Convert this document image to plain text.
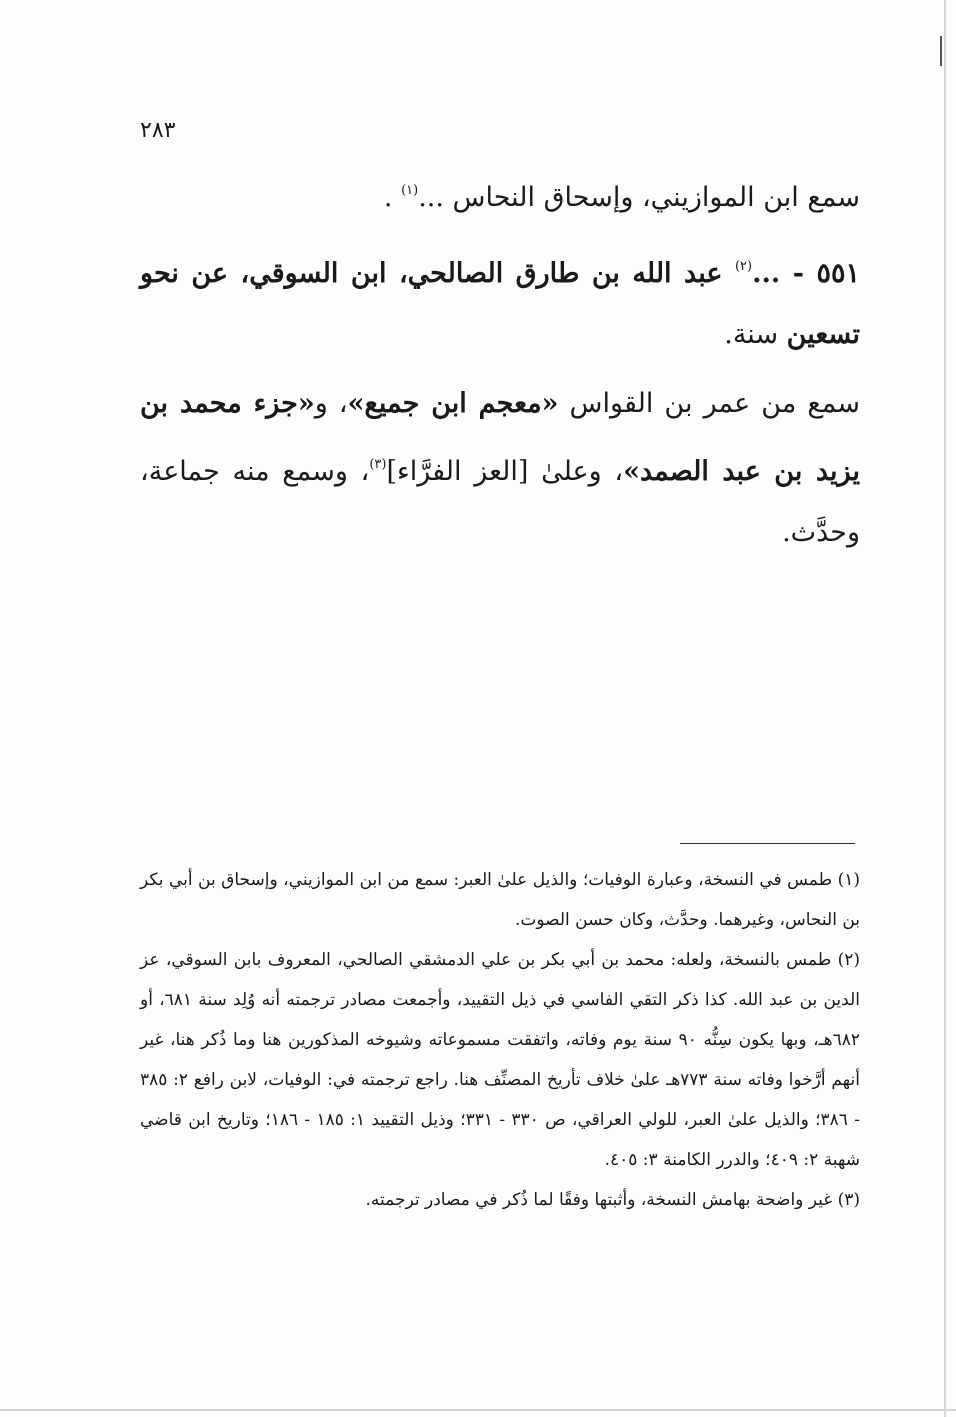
٢٨٣

سمع ابن الموازيني، وإسحاق النحاس ...$^{(١)}$ .

٥٥١ - ...$^{(٢)}$ عبد الله بن طارق الصالحي، ابن السوقي، عن نحو تسعين سنة.

سمع من عمر بن القواس «معجم ابن جميع»، و«جزء محمد بن يزيد بن عبد الصمد»، وعلىٰ [العز الفرَّاء]$^{(٣)}$، وسمع منه جماعة، وحدَّث.

(١) طمس في النسخة، وعبارة الوفيات؛ والذيل علىٰ العبر: سمع من ابن الموازيني، وإسحاق بن أبي بكر بن النحاس، وغيرهما. وحدَّث، وكان حسن الصوت.

(٢) طمس بالنسخة، ولعله: محمد بن أبي بكر بن علي الدمشقي الصالحي، المعروف بابن السوقي، عز الدين بن عبد الله. كذا ذكر التقي الفاسي في ذيل التقييد، وأجمعت مصادر ترجمته أنه وُلِد سنة ٦٨١، أو ٦٨٢هـ، وبها يكون سِنُّه ٩٠ سنة يوم وفاته، واتفقت مسموعاته وشيوخه المذكورين هنا وما ذُكر هنا، غير أنهم أرَّخوا وفاته سنة ٧٧٣هـ علىٰ خلاف تأريخ المصنِّف هنا. راجع ترجمته في: الوفيات، لابن رافع ٢: ٣٨٥ - ٣٨٦؛ والذيل علىٰ العبر، للولي العراقي، ص ٣٣٠ - ٣٣١؛ وذيل التقييد ١: ١٨٥ - ١٨٦؛ وتاريخ ابن قاضي شهبة ٢: ٤٠٩؛ والدرر الكامنة ٣: ٤٠٥.

(٣) غير واضحة بهامش النسخة، وأثبتها وفقًا لما ذُكر في مصادر ترجمته.
